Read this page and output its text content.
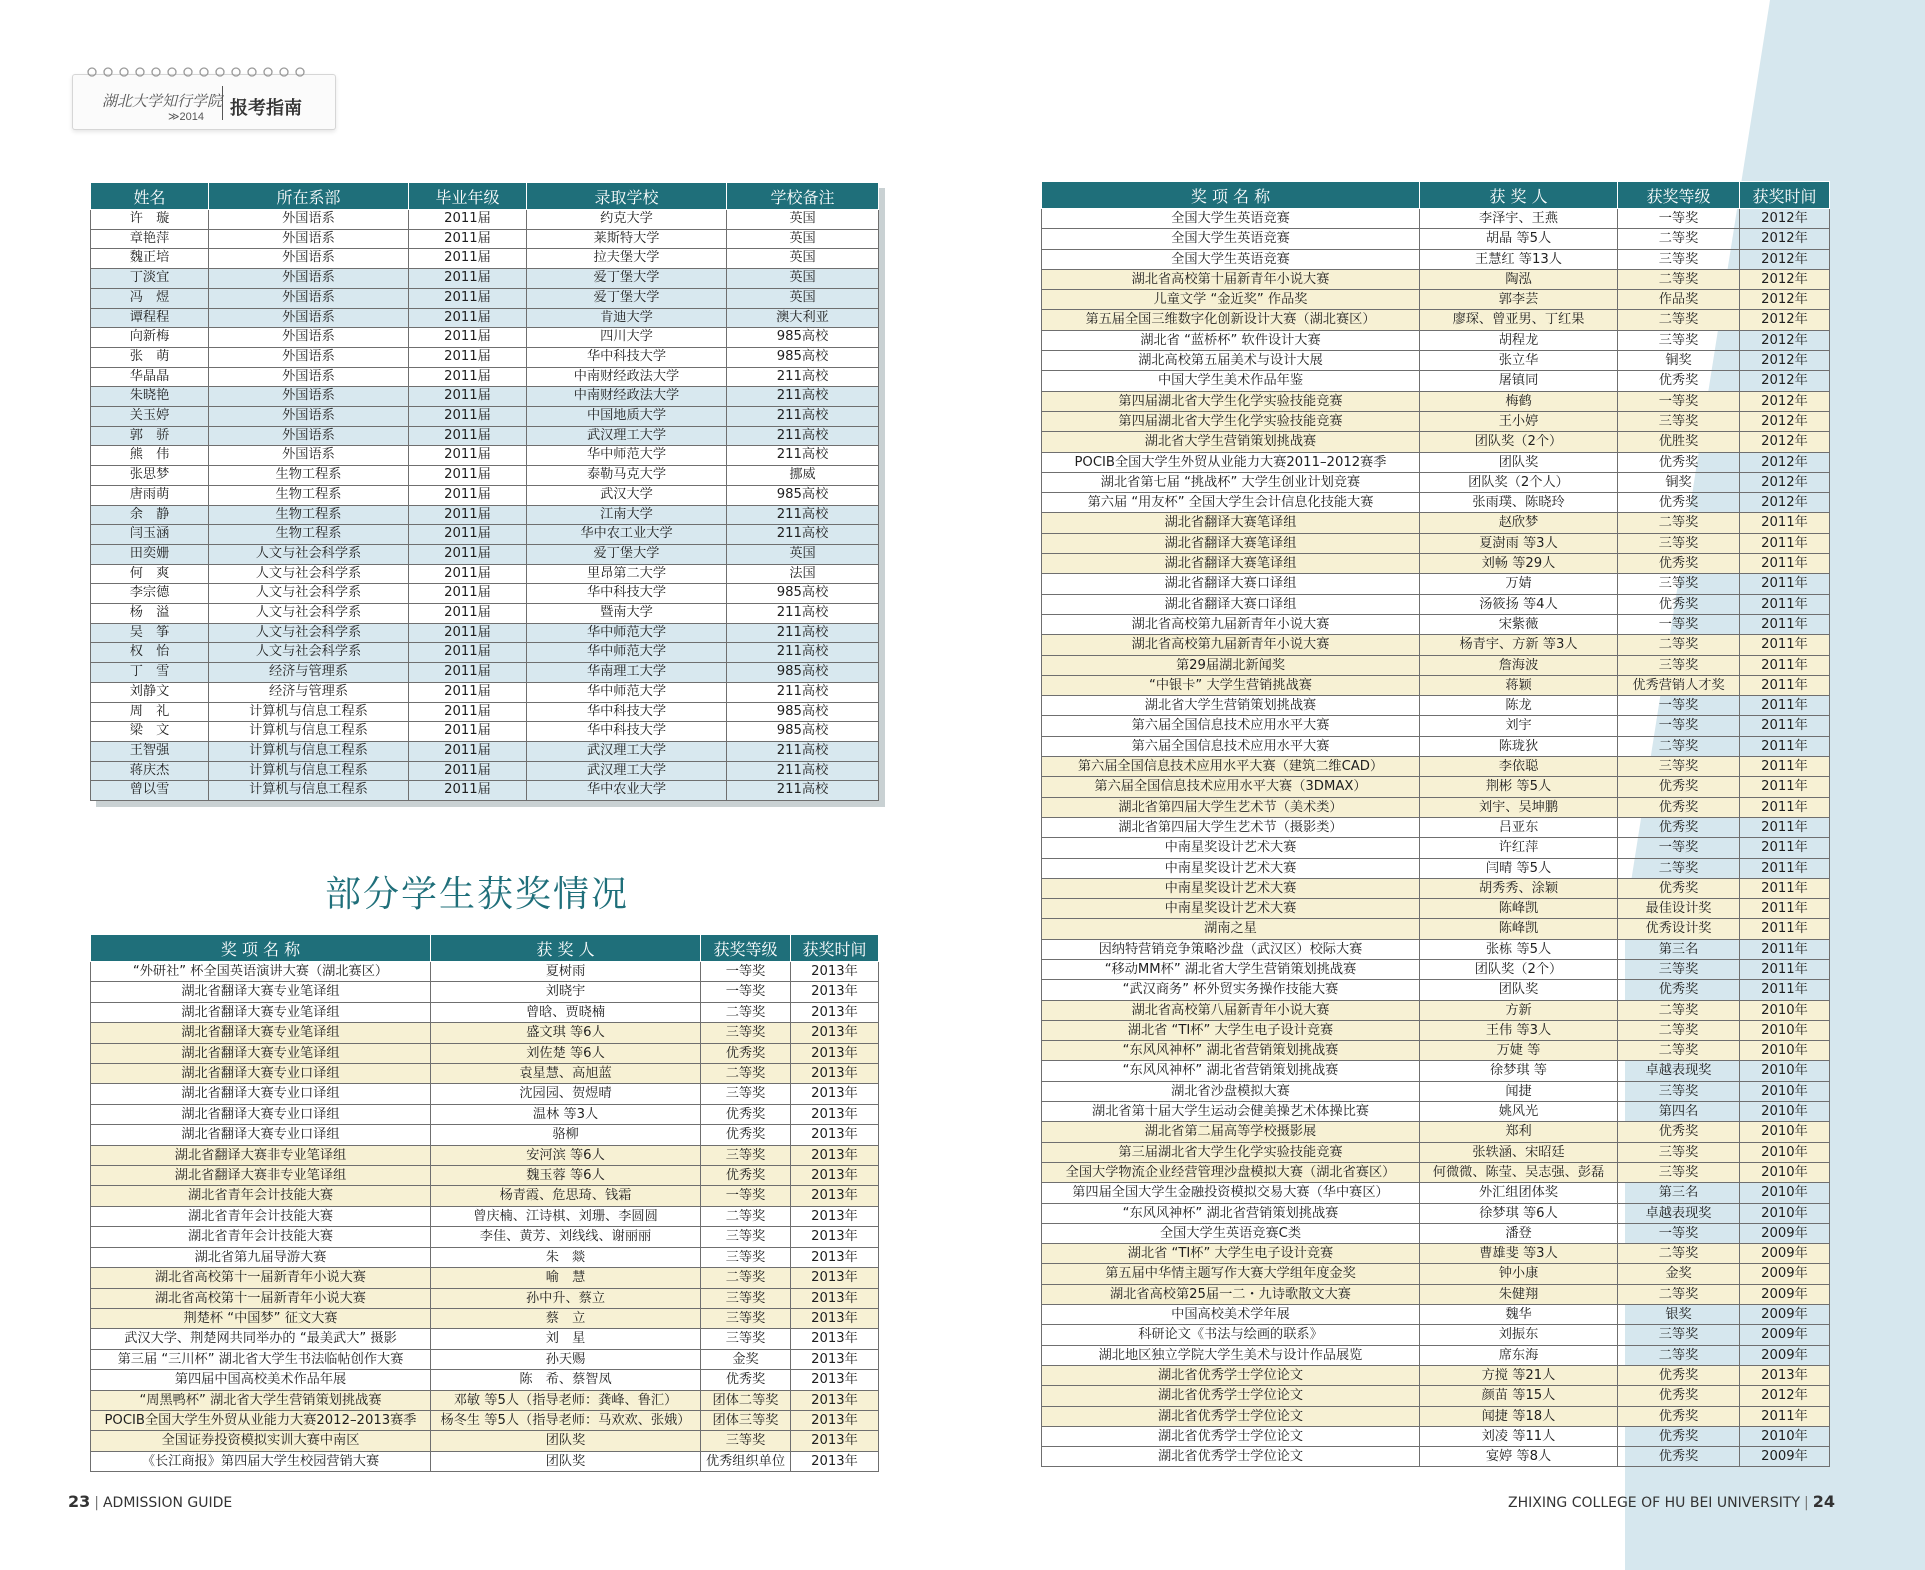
湖北大学知行学院
≫2014 报考指南
姓名	所在系部	毕业年级	录取学校	学校备注
许　璇	外国语系	2011届	约克大学	英国
章艳萍	外国语系	2011届	莱斯特大学	英国
魏正培	外国语系	2011届	拉夫堡大学	英国
丁淡宜	外国语系	2011届	爱丁堡大学	英国
冯　煜	外国语系	2011届	爱丁堡大学	英国
谭程程	外国语系	2011届	肯迪大学	澳大利亚
向新梅	外国语系	2011届	四川大学	985高校
张　萌	外国语系	2011届	华中科技大学	985高校
华晶晶	外国语系	2011届	中南财经政法大学	211高校
朱晓艳	外国语系	2011届	中南财经政法大学	211高校
关玉婷	外国语系	2011届	中国地质大学	211高校
郭　骄	外国语系	2011届	武汉理工大学	211高校
熊　伟	外国语系	2011届	华中师范大学	211高校
张思梦	生物工程系	2011届	泰勒马克大学	挪威
唐雨萌	生物工程系	2011届	武汉大学	985高校
余　静	生物工程系	2011届	江南大学	211高校
闫玉涵	生物工程系	2011届	华中农工业大学	211高校
田奕姗	人文与社会科学系	2011届	爱丁堡大学	英国
何　爽	人文与社会科学系	2011届	里昂第二大学	法国
李宗德	人文与社会科学系	2011届	华中科技大学	985高校
杨　溢	人文与社会科学系	2011届	暨南大学	211高校
吴　筝	人文与社会科学系	2011届	华中师范大学	211高校
权　怡	人文与社会科学系	2011届	华中师范大学	211高校
丁　雪	经济与管理系	2011届	华南理工大学	985高校
刘静文	经济与管理系	2011届	华中师范大学	211高校
周　礼	计算机与信息工程系	2011届	华中科技大学	985高校
梁　文	计算机与信息工程系	2011届	华中科技大学	985高校
王智强	计算机与信息工程系	2011届	武汉理工大学	211高校
蒋庆杰	计算机与信息工程系	2011届	武汉理工大学	211高校
曾以雪	计算机与信息工程系	2011届	华中农业大学	211高校
部分学生获奖情况
奖 项 名 称	获 奖 人	获奖等级	获奖时间
“外研社” 杯全国英语演讲大赛（湖北赛区）	夏树雨	一等奖	2013年
湖北省翻译大赛专业笔译组	刘晓宇	一等奖	2013年
湖北省翻译大赛专业笔译组	曾晗、贾晓楠	二等奖	2013年
湖北省翻译大赛专业笔译组	盛文琪 等6人	三等奖	2013年
湖北省翻译大赛专业笔译组	刘佐楚 等6人	优秀奖	2013年
湖北省翻译大赛专业口译组	袁星慧、高旭蓝	二等奖	2013年
湖北省翻译大赛专业口译组	沈园园、贺煜晴	三等奖	2013年
湖北省翻译大赛专业口译组	温林 等3人	优秀奖	2013年
湖北省翻译大赛专业口译组	骆柳	优秀奖	2013年
湖北省翻译大赛非专业笔译组	安河滨 等6人	三等奖	2013年
湖北省翻译大赛非专业笔译组	魏玉蓉 等6人	优秀奖	2013年
湖北省青年会计技能大赛	杨青霞、危思琦、钱霜	一等奖	2013年
湖北省青年会计技能大赛	曾庆楠、江诗棋、刘珊、李圆圆	二等奖	2013年
湖北省青年会计技能大赛	李佳、黄芳、刘线线、谢丽丽	三等奖	2013年
湖北省第九届导游大赛	朱　燚	三等奖	2013年
湖北省高校第十一届新青年小说大赛	喻　慧	二等奖	2013年
湖北省高校第十一届新青年小说大赛	孙中升、蔡立	三等奖	2013年
荆楚杯 “中国梦” 征文大赛	蔡　立	三等奖	2013年
武汉大学、荆楚网共同举办的 “最美武大” 摄影	刘　星	三等奖	2013年
第三届 “三川杯” 湖北省大学生书法临帖创作大赛	孙天赐	金奖	2013年
第四届中国高校美术作品年展	陈　希、蔡智凤	优秀奖	2013年
“周黑鸭杯” 湖北省大学生营销策划挑战赛	邓敏 等5人（指导老师：龚峰、鲁汇）	团体二等奖	2013年
POCIB全国大学生外贸从业能力大赛2012–2013赛季	杨冬生 等5人（指导老师：马欢欢、张娥）	团体三等奖	2013年
全国证券投资模拟实训大赛中南区	团队奖	三等奖	2013年
《长江商报》第四届大学生校园营销大赛	团队奖	优秀组织单位	2013年
奖 项 名 称	获 奖 人	获奖等级	获奖时间
全国大学生英语竞赛	李泽宇、王燕	一等奖	2012年
全国大学生英语竞赛	胡晶 等5人	二等奖	2012年
全国大学生英语竞赛	王慧红 等13人	三等奖	2012年
湖北省高校第十届新青年小说大赛	陶泓	二等奖	2012年
儿童文学 “金近奖” 作品奖	郭李芸	作品奖	2012年
第五届全国三维数字化创新设计大赛（湖北赛区）	廖琛、曾亚男、丁红果	二等奖	2012年
湖北省 “蓝桥杯” 软件设计大赛	胡程龙	三等奖	2012年
湖北高校第五届美术与设计大展	张立华	铜奖	2012年
中国大学生美术作品年鉴	屠镇同	优秀奖	2012年
第四届湖北省大学生化学实验技能竞赛	梅鹤	一等奖	2012年
第四届湖北省大学生化学实验技能竞赛	王小婷	三等奖	2012年
湖北省大学生营销策划挑战赛	团队奖（2个）	优胜奖	2012年
POCIB全国大学生外贸从业能力大赛2011–2012赛季	团队奖	优秀奖	2012年
湖北省第七届 “挑战杯” 大学生创业计划竞赛	团队奖（2个人）	铜奖	2012年
第六届 “用友杯” 全国大学生会计信息化技能大赛	张雨璞、陈晓玲	优秀奖	2012年
湖北省翻译大赛笔译组	赵欣梦	二等奖	2011年
湖北省翻译大赛笔译组	夏澍雨 等3人	三等奖	2011年
湖北省翻译大赛笔译组	刘畅 等29人	优秀奖	2011年
湖北省翻译大赛口译组	万婧	三等奖	2011年
湖北省翻译大赛口译组	汤筱扬 等4人	优秀奖	2011年
湖北省高校第九届新青年小说大赛	宋紫薇	一等奖	2011年
湖北省高校第九届新青年小说大赛	杨青宇、方新 等3人	二等奖	2011年
第29届湖北新闻奖	詹海波	三等奖	2011年
“中银卡” 大学生营销挑战赛	蒋颖	优秀营销人才奖	2011年
湖北省大学生营销策划挑战赛	陈龙	一等奖	2011年
第六届全国信息技术应用水平大赛	刘宇	一等奖	2011年
第六届全国信息技术应用水平大赛	陈珑狄	二等奖	2011年
第六届全国信息技术应用水平大赛（建筑二维CAD）	李依聪	三等奖	2011年
第六届全国信息技术应用水平大赛（3DMAX）	荆彬 等5人	优秀奖	2011年
湖北省第四届大学生艺术节（美术类）	刘宇、吴坤鹏	优秀奖	2011年
湖北省第四届大学生艺术节（摄影类）	吕亚东	优秀奖	2011年
中南星奖设计艺术大赛	许红萍	一等奖	2011年
中南星奖设计艺术大赛	闫晴 等5人	二等奖	2011年
中南星奖设计艺术大赛	胡秀秀、涂颖	优秀奖	2011年
中南星奖设计艺术大赛	陈峰凯	最佳设计奖	2011年
湖南之星	陈峰凯	优秀设计奖	2011年
因纳特营销竞争策略沙盘（武汉区）校际大赛	张栋 等5人	第三名	2011年
“移动MM杯” 湖北省大学生营销策划挑战赛	团队奖（2个）	三等奖	2011年
“武汉商务” 杯外贸实务操作技能大赛	团队奖	优秀奖	2011年
湖北省高校第八届新青年小说大赛	方新	二等奖	2010年
湖北省 “TI杯” 大学生电子设计竞赛	王伟 等3人	二等奖	2010年
“东风风神杯” 湖北省营销策划挑战赛	万婕 等	二等奖	2010年
“东风风神杯” 湖北省营销策划挑战赛	徐梦琪 等	卓越表现奖	2010年
湖北省沙盘模拟大赛	闻捷	三等奖	2010年
湖北省第十届大学生运动会健美操艺术体操比赛	姚风光	第四名	2010年
湖北省第二届高等学校摄影展	郑利	优秀奖	2010年
第三届湖北省大学生化学实验技能竞赛	张轶涵、宋昭廷	三等奖	2010年
全国大学物流企业经营管理沙盘模拟大赛（湖北省赛区）	何微微、陈莹、吴志强、彭磊	三等奖	2010年
第四届全国大学生金融投资模拟交易大赛（华中赛区）	外汇组团体奖	第三名	2010年
“东风风神杯” 湖北省营销策划挑战赛	徐梦琪 等6人	卓越表现奖	2010年
全国大学生英语竞赛C类	潘登	一等奖	2009年
湖北省 “TI杯” 大学生电子设计竞赛	曹雄斐 等3人	二等奖	2009年
第五届中华情主题写作大赛大学组年度金奖	钟小康	金奖	2009年
湖北省高校第25届一二・九诗歌散文大赛	朱健翔	二等奖	2009年
中国高校美术学年展	魏华	银奖	2009年
科研论文《书法与绘画的联系》	刘振东	三等奖	2009年
湖北地区独立学院大学生美术与设计作品展览	席东海	二等奖	2009年
湖北省优秀学士学位论文	方搅 等21人	优秀奖	2013年
湖北省优秀学士学位论文	颜苗 等15人	优秀奖	2012年
湖北省优秀学士学位论文	闻捷 等18人	优秀奖	2011年
湖北省优秀学士学位论文	刘凌 等11人	优秀奖	2010年
湖北省优秀学士学位论文	宴婷 等8人	优秀奖	2009年
23 | ADMISSION GUIDE	ZHIXING COLLEGE OF HU BEI UNIVERSITY | 24
